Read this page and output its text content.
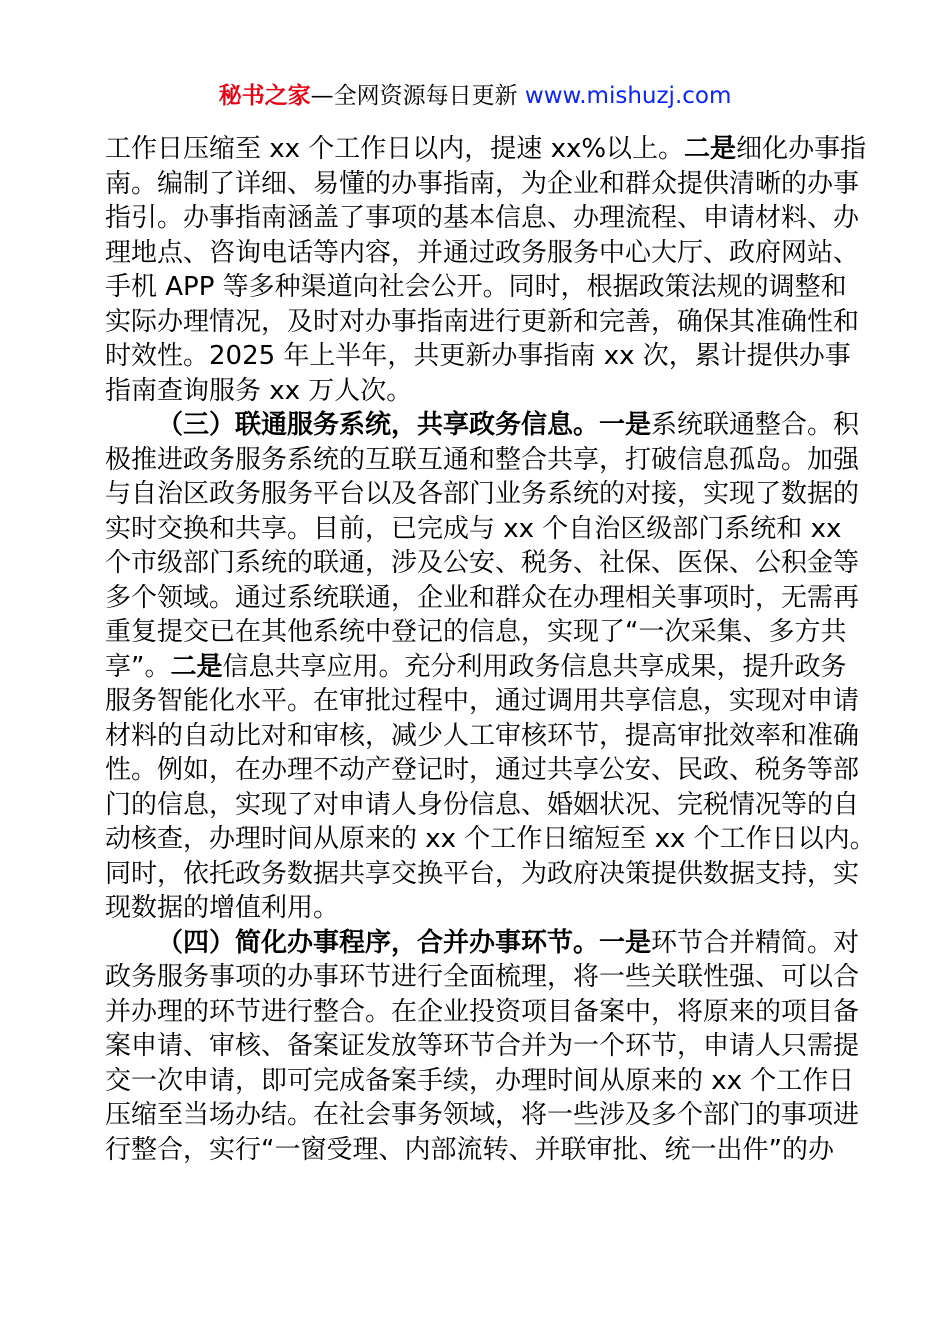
秘书之家—全网资源每日更新 www.mishuzj.com
工作日压缩至 xx 个工作日以内，提速 xx%以上。二是细化办事指
南。编制了详细、易懂的办事指南，为企业和群众提供清晰的办事
指引。办事指南涵盖了事项的基本信息、办理流程、申请材料、办
理地点、咨询电话等内容，并通过政务服务中心大厅、政府网站、
手机 APP 等多种渠道向社会公开。同时，根据政策法规的调整和
实际办理情况，及时对办事指南进行更新和完善，确保其准确性和
时效性。2025 年上半年，共更新办事指南 xx 次，累计提供办事
指南查询服务 xx 万人次。
（三）联通服务系统，共享政务信息。一是系统联通整合。积
极推进政务服务系统的互联互通和整合共享，打破信息孤岛。加强
与自治区政务服务平台以及各部门业务系统的对接，实现了数据的
实时交换和共享。目前，已完成与 xx 个自治区级部门系统和 xx
个市级部门系统的联通，涉及公安、税务、社保、医保、公积金等
多个领域。通过系统联通，企业和群众在办理相关事项时，无需再
重复提交已在其他系统中登记的信息，实现了“一次采集、多方共
享”。二是信息共享应用。充分利用政务信息共享成果，提升政务
服务智能化水平。在审批过程中，通过调用共享信息，实现对申请
材料的自动比对和审核，减少人工审核环节，提高审批效率和准确
性。例如，在办理不动产登记时，通过共享公安、民政、税务等部
门的信息，实现了对申请人身份信息、婚姻状况、完税情况等的自
动核查，办理时间从原来的 xx 个工作日缩短至 xx 个工作日以内。
同时，依托政务数据共享交换平台，为政府决策提供数据支持，实
现数据的增值利用。
（四）简化办事程序，合并办事环节。一是环节合并精简。对
政务服务事项的办事环节进行全面梳理，将一些关联性强、可以合
并办理的环节进行整合。在企业投资项目备案中，将原来的项目备
案申请、审核、备案证发放等环节合并为一个环节，申请人只需提
交一次申请，即可完成备案手续，办理时间从原来的 xx 个工作日
压缩至当场办结。在社会事务领域，将一些涉及多个部门的事项进
行整合，实行“一窗受理、内部流转、并联审批、统一出件”的办
